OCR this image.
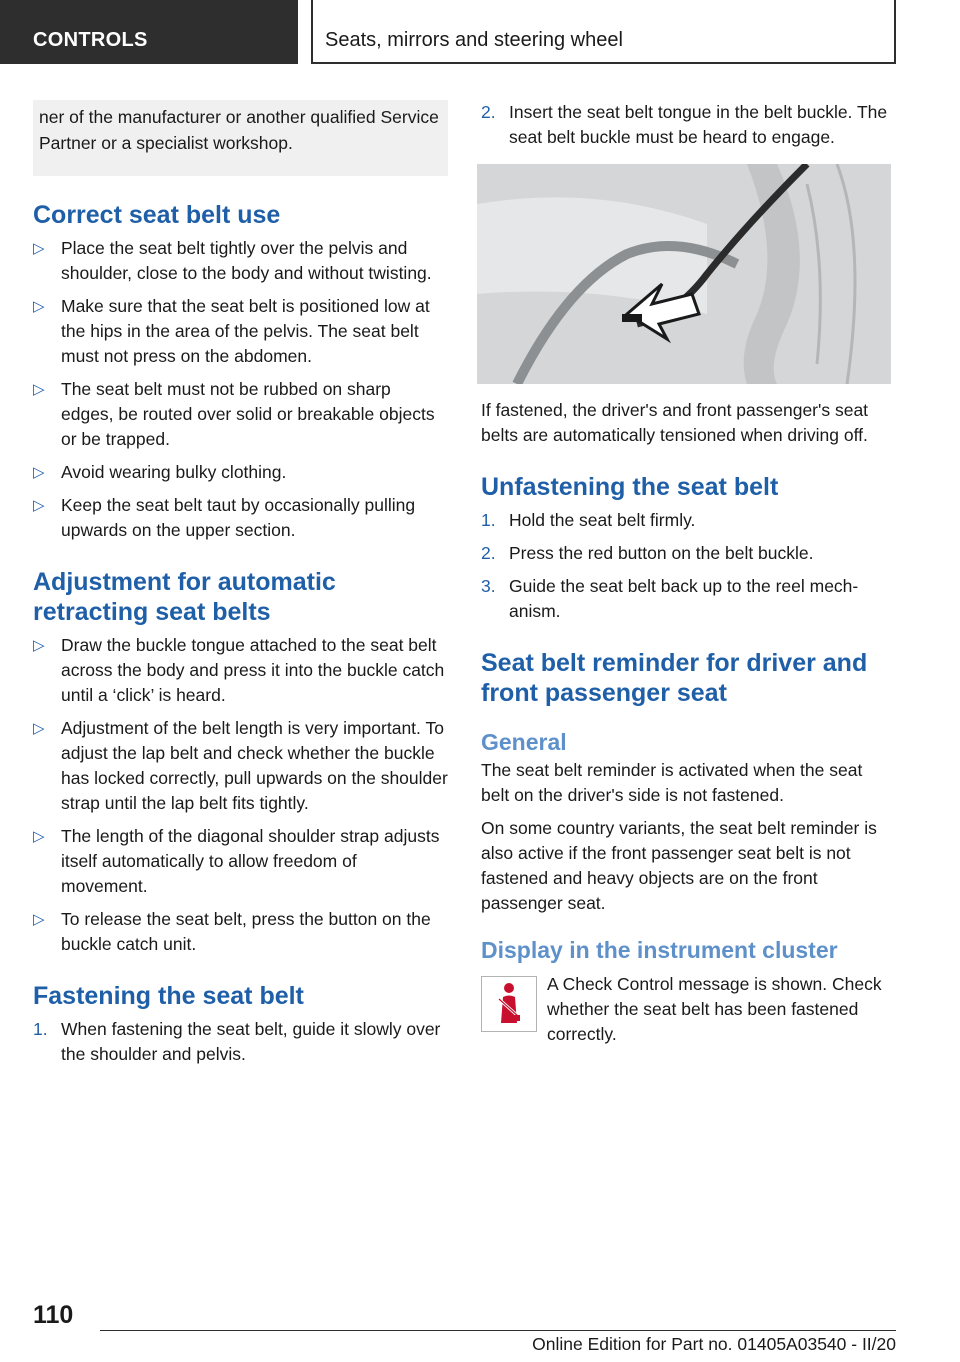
CONTROLS	Seats, mirrors and steering wheel
ner of the manufacturer or another qualified Service Partner or a specialist workshop.
Correct seat belt use
▷ Place the seat belt tightly over the pelvis and shoulder, close to the body and without twisting.
▷ Make sure that the seat belt is positioned low at the hips in the area of the pelvis. The seat belt must not press on the abdomen.
▷ The seat belt must not be rubbed on sharp edges, be routed over solid or breakable objects or be trapped.
▷ Avoid wearing bulky clothing.
▷ Keep the seat belt taut by occasionally pulling upwards on the upper section.
Adjustment for automatic retracting seat belts
▷ Draw the buckle tongue attached to the seat belt across the body and press it into the buckle catch until a ‘click’ is heard.
▷ Adjustment of the belt length is very important. To adjust the lap belt and check whether the buckle has locked correctly, pull upwards on the shoulder strap until the lap belt fits tightly.
▷ The length of the diagonal shoulder strap adjusts itself automatically to allow freedom of movement.
▷ To release the seat belt, press the button on the buckle catch unit.
Fastening the seat belt
1. When fastening the seat belt, guide it slowly over the shoulder and pelvis.
2. Insert the seat belt tongue in the belt buckle. The seat belt buckle must be heard to engage.

If fastened, the driver's and front passenger's seat belts are automatically tensioned when driving off.

Unfastening the seat belt
1. Hold the seat belt firmly.
2. Press the red button on the belt buckle.
3. Guide the seat belt back up to the reel mechanism.
Seat belt reminder for driver and front passenger seat
General

The seat belt reminder is activated when the seat belt on the driver's side is not fastened.

On some country variants, the seat belt reminder is also active if the front passenger seat belt is not fastened and heavy objects are on the front passenger seat.

Display in the instrument cluster

A Check Control message is shown. Check whether the seat belt has been fastened correctly.

110
Online Edition for Part no. 01405A03540 - II/20
